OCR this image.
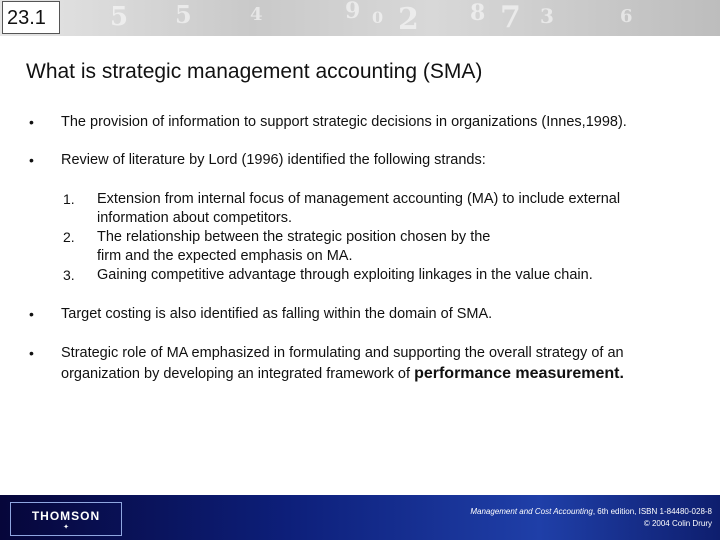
5	9 0 2 8 7 3
4	6
5
23.1
What is strategic management accounting (SMA)
• The provision of information to support strategic decisions in organizations (Innes,1998).
• Review of literature by Lord (1996) identified the following strands:
1. Extension from internal focus of management accounting (MA) to include external
information about competitors.
2. The relationship between the strategic position chosen by the
firm and the expected emphasis on MA.
3. Gaining competitive advantage through exploiting linkages in the value chain.
• Target costing is also identified as falling within the domain of SMA.
• Strategic role of MA emphasized in formulating and supporting the overall strategy of an
organization by developing an integrated framework of performance measurement.
THOMSON
✦
Management and Cost Accounting, 6th edition, ISBN 1-84480-028-8
© 2004 Colin Drury
